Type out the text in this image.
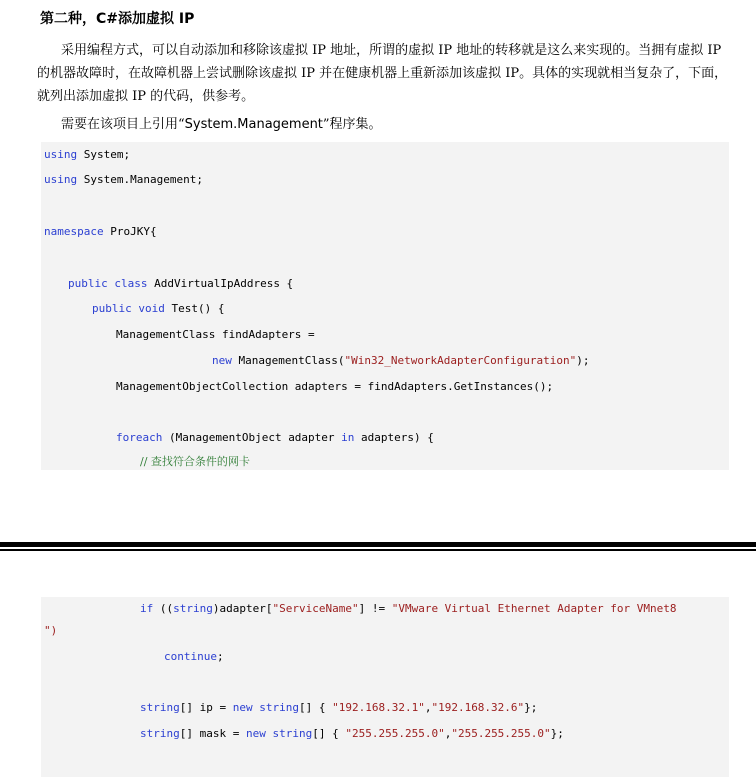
第二种，C#添加虚拟 IP
采用编程方式，可以自动添加和移除该虚拟 IP 地址，所谓的虚拟 IP 地址的转移就是这么来实现的。当拥有虚拟 IP 的机器故障时，在故障机器上尝试删除该虚拟 IP 并在健康机器上重新添加该虚拟 IP。具体的实现就相当复杂了，下面，就列出添加虚拟 IP 的代码，供参考。
需要在该项目上引用“System.Management”程序集。
using System;
using System.Management;
namespace ProJKY{
public class AddVirtualIpAddress {
public void Test() {
ManagementClass findAdapters =
new ManagementClass("Win32_NetworkAdapterConfiguration");
ManagementObjectCollection adapters = findAdapters.GetInstances();
foreach (ManagementObject adapter in adapters) {
// 查找符合条件的网卡
if ((string)adapter["ServiceName"] != "VMware Virtual Ethernet Adapter for VMnet8
")
continue;
string[] ip = new string[] { "192.168.32.1","192.168.32.6"};
string[] mask = new string[] { "255.255.255.0","255.255.255.0"};
